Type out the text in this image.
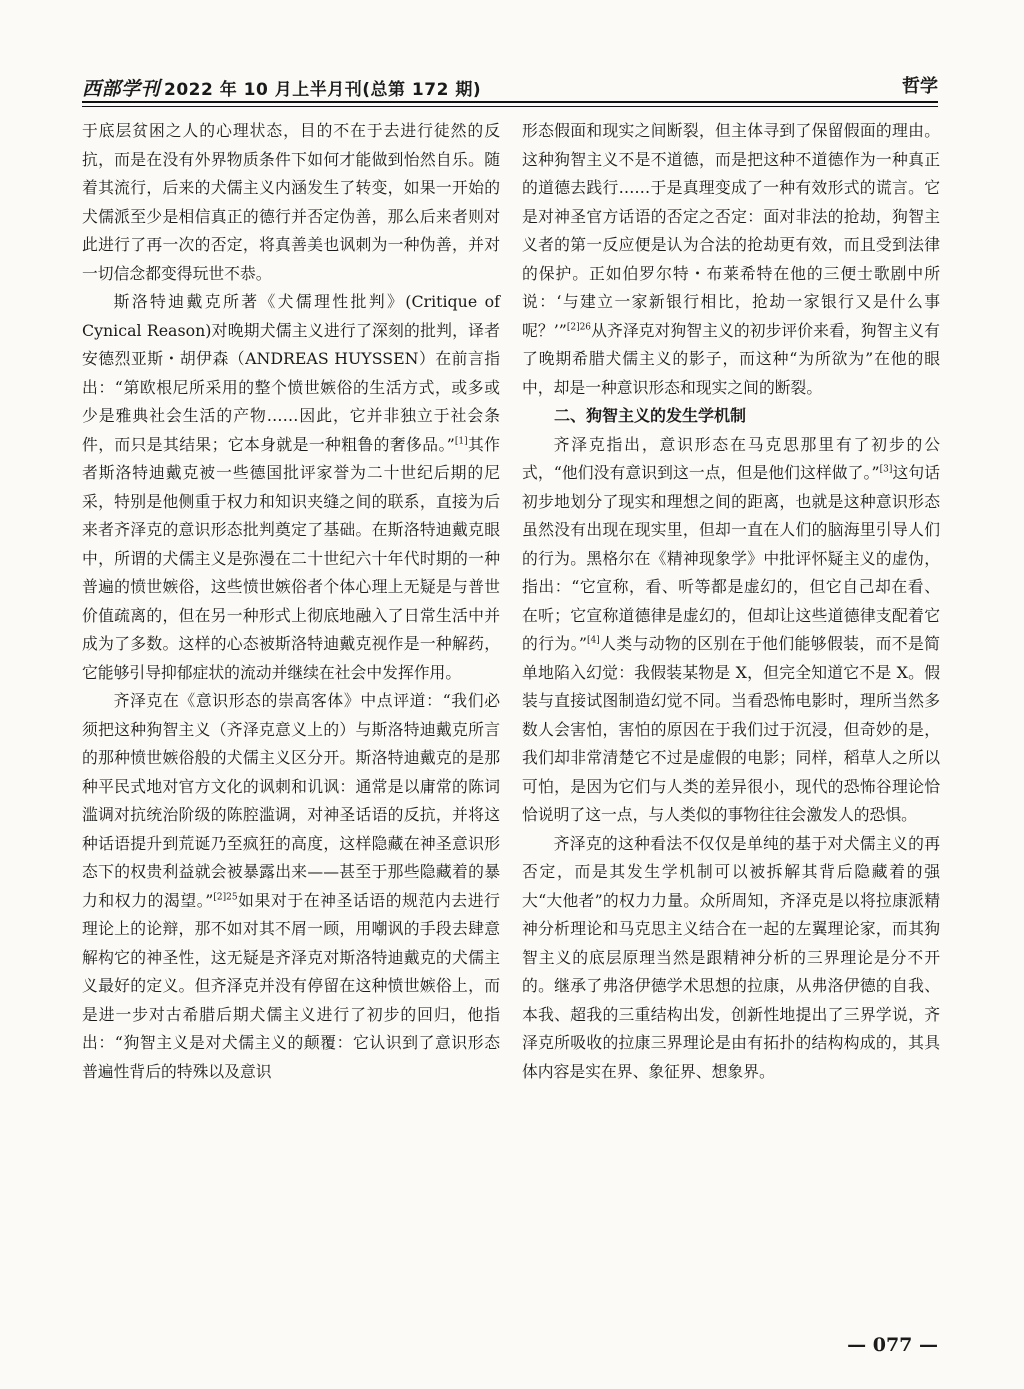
西部学刊 2022 年 10 月上半月刊(总第 172 期)	哲学

于底层贫困之人的心理状态，目的不在于去进行徒然的反抗，而是在没有外界物质条件下如何才能做到怡然自乐。随着其流行，后来的犬儒主义内涵发生了转变，如果一开始的犬儒派至少是相信真正的德行并否定伪善，那么后来者则对此进行了再一次的否定，将真善美也讽刺为一种伪善，并对一切信念都变得玩世不恭。

斯洛特迪戴克所著《犬儒理性批判》(Critique of Cynical Reason)对晚期犬儒主义进行了深刻的批判，译者安德烈亚斯・胡伊森（ANDREAS HUYSSEN）在前言指出：“第欧根尼所采用的整个愤世嫉俗的生活方式，或多或少是雅典社会生活的产物……因此，它并非独立于社会条件，而只是其结果；它本身就是一种粗鲁的奢侈品。”[1]其作者斯洛特迪戴克被一些德国批评家誉为二十世纪后期的尼采，特别是他侧重于权力和知识夹缝之间的联系，直接为后来者齐泽克的意识形态批判奠定了基础。在斯洛特迪戴克眼中，所谓的犬儒主义是弥漫在二十世纪六十年代时期的一种普遍的愤世嫉俗，这些愤世嫉俗者个体心理上无疑是与普世价值疏离的，但在另一种形式上彻底地融入了日常生活中并成为了多数。这样的心态被斯洛特迪戴克视作是一种解药，它能够引导抑郁症状的流动并继续在社会中发挥作用。

齐泽克在《意识形态的崇高客体》中点评道：“我们必须把这种狗智主义（齐泽克意义上的）与斯洛特迪戴克所言的那种愤世嫉俗般的犬儒主义区分开。斯洛特迪戴克的是那种平民式地对官方文化的讽刺和讥讽：通常是以庸常的陈词滥调对抗统治阶级的陈腔滥调，对神圣话语的反抗，并将这种话语提升到荒诞乃至疯狂的高度，这样隐藏在神圣意识形态下的权贵利益就会被暴露出来——甚至于那些隐藏着的暴力和权力的渴望。”$^{[2]25}$如果对于在神圣话语的规范内去进行理论上的论辩，那不如对其不屑一顾，用嘲讽的手段去肆意解构它的神圣性，这无疑是齐泽克对斯洛特迪戴克的犬儒主义最好的定义。但齐泽克并没有停留在这种愤世嫉俗上，而是进一步对古希腊后期犬儒主义进行了初步的回归，他指出：“狗智主义是对犬儒主义的颠覆：它认识到了意识形态普遍性背后的特殊以及意识

形态假面和现实之间断裂，但主体寻到了保留假面的理由。这种狗智主义不是不道德，而是把这种不道德作为一种真正的道德去践行……于是真理变成了一种有效形式的谎言。它是对神圣官方话语的否定之否定：面对非法的抢劫，狗智主义者的第一反应便是认为合法的抢劫更有效，而且受到法律的保护。正如伯罗尔特・布莱希特在他的三便士歌剧中所说：‘与建立一家新银行相比，抢劫一家银行又是什么事呢？’”$^{[2]26}$从齐泽克对狗智主义的初步评价来看，狗智主义有了晚期希腊犬儒主义的影子，而这种“为所欲为”在他的眼中，却是一种意识形态和现实之间的断裂。

二、狗智主义的发生学机制

齐泽克指出，意识形态在马克思那里有了初步的公式，“他们没有意识到这一点，但是他们这样做了。”[3]这句话初步地划分了现实和理想之间的距离，也就是这种意识形态虽然没有出现在现实里，但却一直在人们的脑海里引导人们的行为。黑格尔在《精神现象学》中批评怀疑主义的虚伪，指出：“它宣称，看、听等都是虚幻的，但它自己却在看、在听；它宣称道德律是虚幻的，但却让这些道德律支配着它的行为。”[4]人类与动物的区别在于他们能够假装，而不是简单地陷入幻觉：我假装某物是 X，但完全知道它不是 X。假装与直接试图制造幻觉不同。当看恐怖电影时，理所当然多数人会害怕，害怕的原因在于我们过于沉浸，但奇妙的是，我们却非常清楚它不过是虚假的电影；同样，稻草人之所以可怕，是因为它们与人类的差异很小，现代的恐怖谷理论恰恰说明了这一点，与人类似的事物往往会激发人的恐惧。

齐泽克的这种看法不仅仅是单纯的基于对犬儒主义的再否定，而是其发生学机制可以被拆解其背后隐藏着的强大“大他者”的权力力量。众所周知，齐泽克是以将拉康派精神分析理论和马克思主义结合在一起的左翼理论家，而其狗智主义的底层原理当然是跟精神分析的三界理论是分不开的。继承了弗洛伊德学术思想的拉康，从弗洛伊德的自我、本我、超我的三重结构出发，创新性地提出了三界学说，齐泽克所吸收的拉康三界理论是由有拓扑的结构构成的，其具体内容是实在界、象征界、想象界。

— 077 —
